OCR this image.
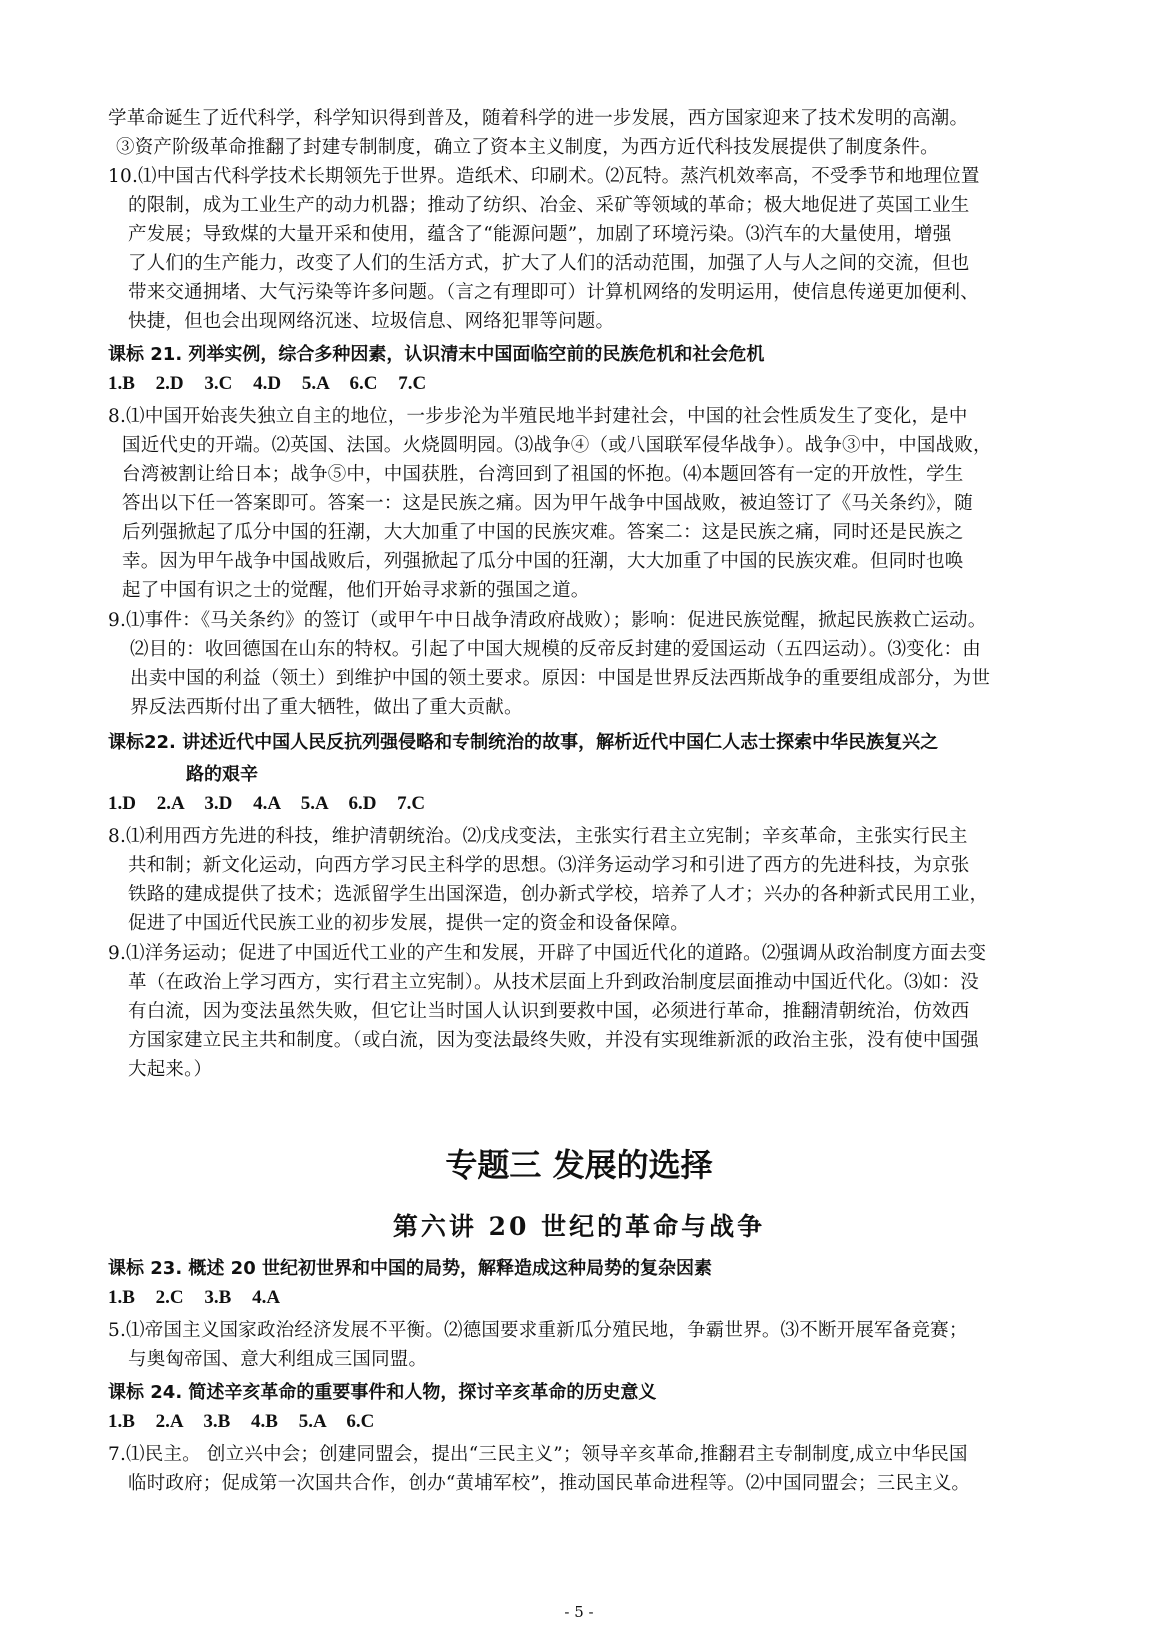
学革命诞生了近代科学，科学知识得到普及，随着科学的进一步发展，西方国家迎来了技术发明的高潮。
③资产阶级革命推翻了封建专制制度，确立了资本主义制度，为西方近代科技发展提供了制度条件。
10.⑴中国古代科学技术长期领先于世界。造纸术、印刷术。⑵瓦特。蒸汽机效率高，不受季节和地理位置
的限制，成为工业生产的动力机器；推动了纺织、冶金、采矿等领域的革命；极大地促进了英国工业生
产发展；导致煤的大量开采和使用，蕴含了“能源问题”，加剧了环境污染。⑶汽车的大量使用，增强
了人们的生产能力，改变了人们的生活方式，扩大了人们的活动范围，加强了人与人之间的交流，但也
带来交通拥堵、大气污染等许多问题。（言之有理即可）计算机网络的发明运用，使信息传递更加便利、
快捷，但也会出现网络沉迷、垃圾信息、网络犯罪等问题。
课标 21. 列举实例，综合多种因素，认识清末中国面临空前的民族危机和社会危机
1.B 2.D 3.C 4.D 5.A 6.C 7.C
8.⑴中国开始丧失独立自主的地位，一步步沦为半殖民地半封建社会，中国的社会性质发生了变化，是中
国近代史的开端。⑵英国、法国。火烧圆明园。⑶战争④（或八国联军侵华战争）。战争③中，中国战败，
台湾被割让给日本；战争⑤中，中国获胜，台湾回到了祖国的怀抱。⑷本题回答有一定的开放性，学生
答出以下任一答案即可。答案一：这是民族之痛。因为甲午战争中国战败，被迫签订了《马关条约》，随
后列强掀起了瓜分中国的狂潮，大大加重了中国的民族灾难。答案二：这是民族之痛，同时还是民族之
幸。因为甲午战争中国战败后，列强掀起了瓜分中国的狂潮，大大加重了中国的民族灾难。但同时也唤
起了中国有识之士的觉醒，他们开始寻求新的强国之道。
9.⑴事件：《马关条约》的签订（或甲午中日战争清政府战败）；影响：促进民族觉醒，掀起民族救亡运动。
⑵目的：收回德国在山东的特权。引起了中国大规模的反帝反封建的爱国运动（五四运动）。⑶变化：由
出卖中国的利益（领土）到维护中国的领土要求。原因：中国是世界反法西斯战争的重要组成部分，为世
界反法西斯付出了重大牺牲，做出了重大贡献。
课标22. 讲述近代中国人民反抗列强侵略和专制统治的故事，解析近代中国仁人志士探索中华民族复兴之
路的艰辛
1.D 2.A 3.D 4.A 5.A 6.D 7.C
8.⑴利用西方先进的科技，维护清朝统治。⑵戊戌变法，主张实行君主立宪制；辛亥革命，主张实行民主
共和制；新文化运动，向西方学习民主科学的思想。⑶洋务运动学习和引进了西方的先进科技，为京张
铁路的建成提供了技术；选派留学生出国深造，创办新式学校，培养了人才；兴办的各种新式民用工业，
促进了中国近代民族工业的初步发展，提供一定的资金和设备保障。
9.⑴洋务运动；促进了中国近代工业的产生和发展，开辟了中国近代化的道路。⑵强调从政治制度方面去变
革（在政治上学习西方，实行君主立宪制）。从技术层面上升到政治制度层面推动中国近代化。⑶如：没
有白流，因为变法虽然失败，但它让当时国人认识到要救中国，必须进行革命，推翻清朝统治，仿效西
方国家建立民主共和制度。（或白流，因为变法最终失败，并没有实现维新派的政治主张，没有使中国强
大起来。）
专题三 发展的选择
第六讲 20 世纪的革命与战争
课标 23. 概述 20 世纪初世界和中国的局势，解释造成这种局势的复杂因素
1.B 2.C 3.B 4.A
5.⑴帝国主义国家政治经济发展不平衡。⑵德国要求重新瓜分殖民地，争霸世界。⑶不断开展军备竞赛；
与奥匈帝国、意大利组成三国同盟。
课标 24. 简述辛亥革命的重要事件和人物，探讨辛亥革命的历史意义
1.B 2.A 3.B 4.B 5.A 6.C
7.⑴民主。 创立兴中会；创建同盟会，提出“三民主义”；领导辛亥革命,推翻君主专制制度,成立中华民国
临时政府；促成第一次国共合作，创办“黄埔军校”，推动国民革命进程等。⑵中国同盟会；三民主义。
- 5 -
